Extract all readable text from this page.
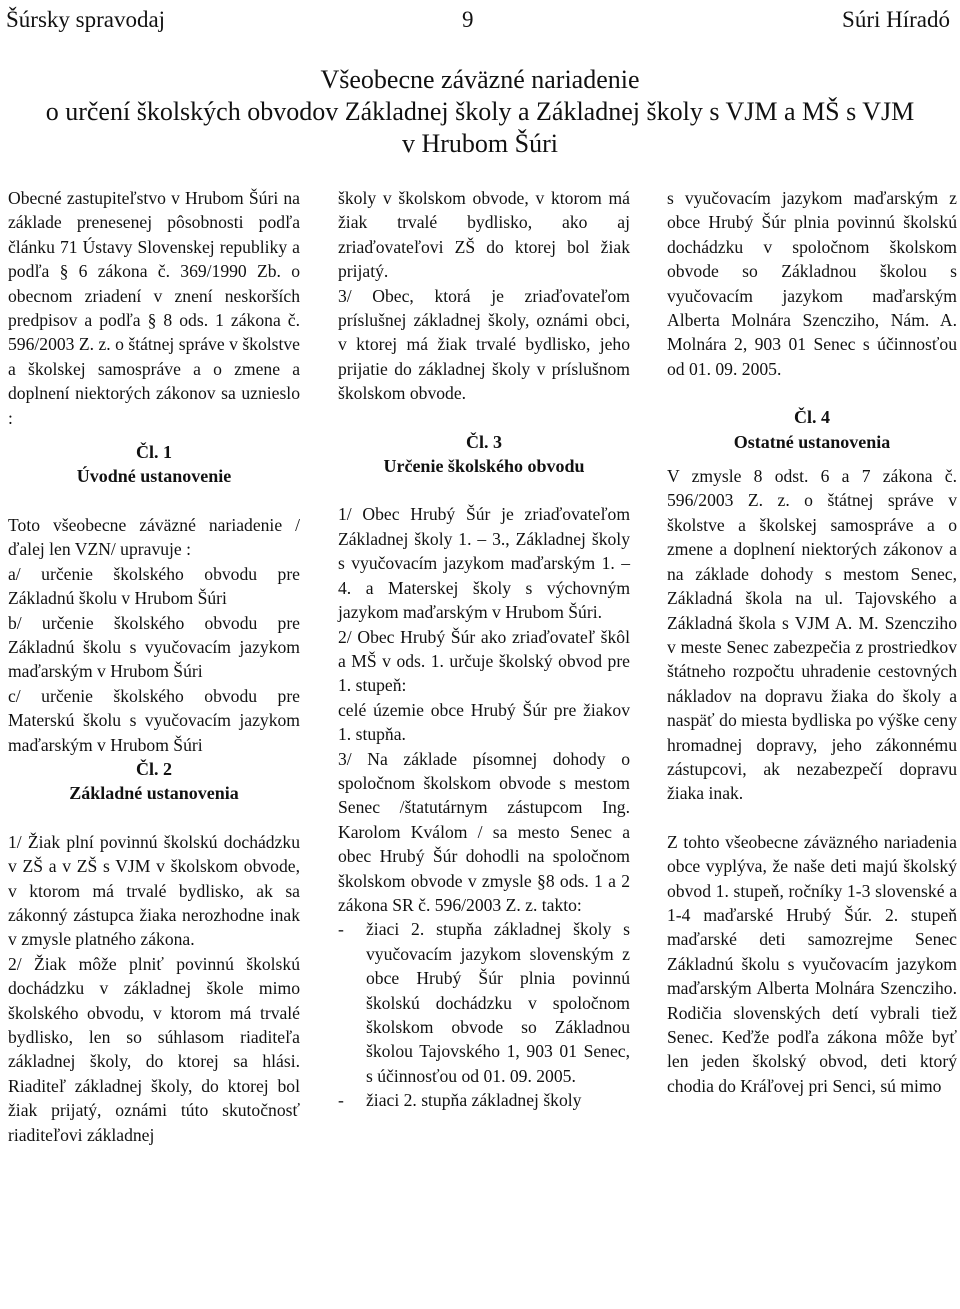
Šúrsky spravodaj	9	Súri Híradó
Všeobecne záväzné nariadenie
o určení školských obvodov Základnej školy a Základnej školy s VJM a MŠ s VJM
v Hrubom Šúri

Obecné zastupiteľstvo v Hrubom Šúri na základe prenesenej pôsobnosti podľa článku 71 Ústavy Slovenskej republiky a podľa § 6 zákona č. 369/1990 Zb. o obecnom zriadení v znení neskorších predpisov a podľa § 8 ods. 1 zákona č. 596/2003 Z. z. o štátnej správe v školstve a školskej samospráve a o zmene a doplnení niektorých zákonov sa uznieslo :

Čl. 1

Úvodné ustanovenie

Toto všeobecne záväzné nariadenie /ďalej len VZN/ upravuje :

a/ určenie školského obvodu pre Základnú školu v Hrubom Šúri

b/ určenie školského obvodu pre Základnú školu s vyučovacím jazykom maďarským v Hrubom Šúri

c/ určenie školského obvodu pre Materskú školu s vyučovacím jazykom maďarským v Hrubom Šúri

Čl. 2

Základné ustanovenia

1/ Žiak plní povinnú školskú dochádzku v ZŠ a v ZŠ s VJM v školskom obvode, v ktorom má trvalé bydlisko, ak sa zákonný zástupca žiaka nerozhodne inak v zmysle platného zákona.

2/ Žiak môže plniť povinnú školskú dochádzku v základnej škole mimo školského obvodu, v ktorom má trvalé bydlisko, len so súhlasom riaditeľa základnej školy, do ktorej sa hlási. Riaditeľ základnej školy, do ktorej bol žiak prijatý, oznámi túto skutočnosť riaditeľovi základnej

školy v školskom obvode, v ktorom má žiak trvalé bydlisko, ako aj zriaďovateľovi ZŠ do ktorej bol žiak prijatý.

3/ Obec, ktorá je zriaďovateľom príslušnej základnej školy, oznámi obci, v ktorej má žiak trvalé bydlisko, jeho prijatie do základnej školy v príslušnom školskom obvode.

Čl. 3

Určenie školského obvodu

1/ Obec Hrubý Šúr je zriaďovateľom Základnej školy 1. – 3., Základnej školy s vyučovacím jazykom maďarským 1. – 4. a Materskej školy s výchovným jazykom maďarským v Hrubom Šúri.

2/ Obec Hrubý Šúr ako zriaďovateľ škôl a MŠ v ods. 1. určuje školský obvod pre 1. stupeň:

celé územie obce Hrubý Šúr pre žiakov 1. stupňa.

3/ Na základe písomnej dohody o spoločnom školskom obvode s mestom Senec /štatutárnym zástupcom Ing. Karolom Kválom / sa mesto Senec a obec Hrubý Šúr dohodli na spoločnom školskom obvode v zmysle §8 ods. 1 a 2 zákona SR č. 596/2003 Z. z. takto:

-	žiaci 2. stupňa základnej školy s vyučovacím jazykom slovenským z obce Hrubý Šúr plnia povinnú školskú dochádzku v spoločnom školskom obvode so Základnou školou Tajovského 1, 903 01 Senec, s účinnosťou od 01. 09. 2005.
-	žiaci 2. stupňa základnej školy

s vyučovacím jazykom maďarským z obce Hrubý Šúr plnia povinnú školskú dochádzku v spoločnom školskom obvode so Základnou školou s vyučovacím jazykom maďarským Alberta Molnára Szencziho, Nám. A. Molnára 2, 903 01 Senec s účinnosťou od 01. 09. 2005.

Čl. 4

Ostatné ustanovenia

V zmysle 8 odst. 6 a 7 zákona č. 596/2003 Z. z. o štátnej správe v školstve a školskej samospráve a o zmene a doplnení niektorých zákonov a na základe dohody s mestom Senec, Základná škola na ul. Tajovského a Základná škola s VJM A. M. Szencziho v meste Senec zabezpečia z prostriedkov štátneho rozpočtu uhradenie cestovných nákladov na dopravu žiaka do školy a naspäť do miesta bydliska po výške ceny hromadnej dopravy, jeho zákonnému zástupcovi, ak nezabezpečí dopravu žiaka inak.

Z tohto všeobecne záväzného nariadenia obce vyplýva, že naše deti majú školský obvod 1. stupeň, ročníky 1-3 slovenské a 1-4 maďarské Hrubý Šúr. 2. stupeň maďarské deti samozrejme Senec Základnú školu s vyučovacím jazykom maďarským Alberta Molnára Szencziho. Rodičia slovenských detí vybrali tiež Senec. Keďže podľa zákona môže byť len jeden školský obvod, deti ktorý chodia do Kráľovej pri Senci, sú mimo
